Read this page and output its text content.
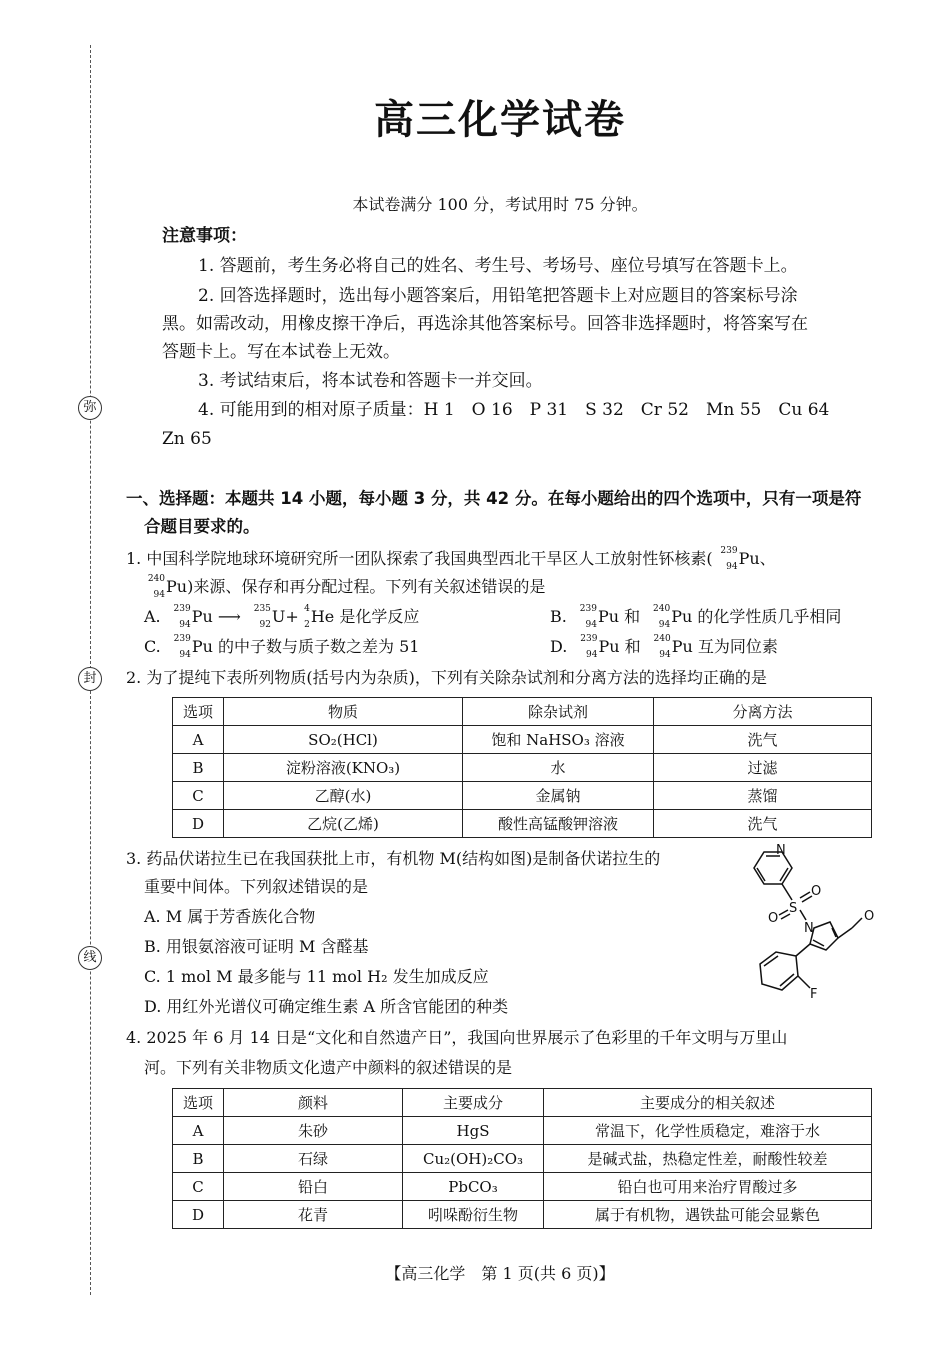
弥
封
线
高三化学试卷
本试卷满分 100 分，考试用时 75 分钟。
注意事项：
1. 答题前，考生务必将自己的姓名、考生号、考场号、座位号填写在答题卡上。
2. 回答选择题时，选出每小题答案后，用铅笔把答题卡上对应题目的答案标号涂
黑。如需改动，用橡皮擦干净后，再选涂其他答案标号。回答非选择题时，将答案写在
答题卡上。写在本试卷上无效。
3. 考试结束后，将本试卷和答题卡一并交回。
4. 可能用到的相对原子质量：H 1　O 16　P 31　S 32　Cr 52　Mn 55　Cu 64
Zn 65
一、选择题：本题共 14 小题，每小题 3 分，共 42 分。在每小题给出的四个选项中，只有一项是符
合题目要求的。
1. 中国科学院地球环境研究所一团队探索了我国典型西北干旱区人工放射性钚核素( 239
94 Pu、
240
94 Pu)来源、保存和再分配过程。下列有关叙述错误的是
A. 239
94 Pu ⟶ 235
92 U+ 4
2 He 是化学反应	B. 239
94 Pu 和 240
94 Pu 的化学性质几乎相同
C. 239
94 Pu 的中子数与质子数之差为 51	D. 239
94 Pu 和 240
94 Pu 互为同位素
2. 为了提纯下表所列物质(括号内为杂质)，下列有关除杂试剂和分离方法的选择均正确的是
选项	物质	除杂试剂	分离方法
A	SO₂(HCl)	饱和 NaHSO₃ 溶液	洗气
B	淀粉溶液(KNO₃)	水	过滤
C	乙醇(水)	金属钠	蒸馏
D	乙烷(乙烯)	酸性高锰酸钾溶液	洗气
3. 药品伏诺拉生已在我国获批上市，有机物 M(结构如图)是制备伏诺拉生的
重要中间体。下列叙述错误的是
A. M 属于芳香族化合物
B. 用银氨溶液可证明 M 含醛基
C. 1 mol M 最多能与 11 mol H₂ 发生加成反应
D. 用红外光谱仪可确定维生素 A 所含官能团的种类
N
S
O
O
N
O
F
4. 2025 年 6 月 14 日是“文化和自然遗产日”，我国向世界展示了色彩里的千年文明与万里山
河。下列有关非物质文化遗产中颜料的叙述错误的是
选项	颜料	主要成分	主要成分的相关叙述
A	朱砂	HgS	常温下，化学性质稳定，难溶于水
B	石绿	Cu₂(OH)₂CO₃	是碱式盐，热稳定性差，耐酸性较差
C	铅白	PbCO₃	铅白也可用来治疗胃酸过多
D	花青	吲哚酚衍生物	属于有机物，遇铁盐可能会显紫色
【高三化学　第 1 页(共 6 页)】
